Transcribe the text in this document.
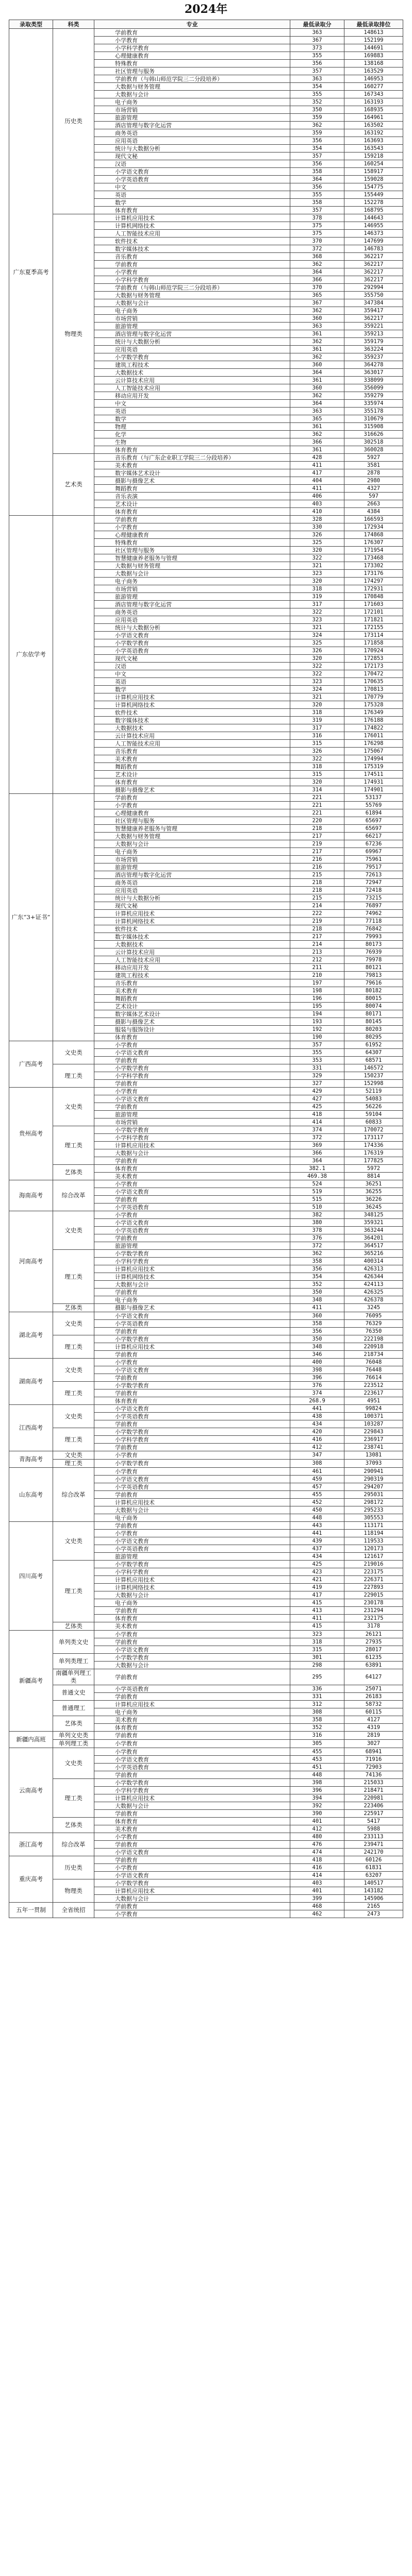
2024年
录取类型	科类	专业	最低录取分	最低录取排位
广东夏季高考	历史类	学前教育	363	148613
		小学教育	367	152199
		小学科学教育	373	144691
		心理健康教育	355	169883
		特殊教育	356	138168
		社区管理与服务	357	163529
		学前教育（与韩山师范学院三二分段培养）	363	146953
		大数据与财务管理	354	160277
		大数据与会计	355	167343
		电子商务	352	163193
		市场营销	350	168935
		旅游管理	359	164961
		酒店管理与数字化运营	362	163502
		商务英语	359	163192
		应用英语	356	163693
		统计与大数据分析	354	163543
		现代文秘	357	159218
		汉语	356	160254
		小学语文教育	358	158917
		小学英语教育	364	159028
		中文	356	154775
		英语	355	155449
		数学	358	152278
		体育教育	357	168795
	物理类	计算机应用技术	378	144643
		计算机网络技术	375	146955
		人工智能技术应用	375	146373
		软件技术	370	147699
		数字媒体技术	372	146783
		音乐教育	368	362217
		学前教育	362	362217
		小学教育	364	362217
		小学科学教育	366	362217
		学前教育（与韩山师范学院三二分段培养）	370	292994
		大数据与财务管理	365	355750
		大数据与会计	367	347384
		电子商务	362	359417
		市场营销	360	362217
		旅游管理	363	359221
		酒店管理与数字化运营	361	359213
		统计与大数据分析	362	359179
		应用英语	361	363224
		小学数学教育	362	359237
		建筑工程技术	360	364278
		大数据技术	364	363017
		云计算技术应用	361	338099
		人工智能技术应用	360	356099
		移动应用开发	362	359279
		中文	364	335974
		英语	363	355178
		数学	365	310679
		物理	361	315908
		化学	362	316626
		生物	366	302518
		体育教育	361	360028
	艺术类	音乐教育（与广东企业职工学院三二分段培养）	428	5927
		美术教育	411	3581
		数字媒体艺术设计	417	2878
		摄影与摄像艺术	404	2980
		舞蹈教育	411	4327
		音乐表演	406	597
		艺术设计	403	2663
		体育教育	410	4384
广东依学考		学前教育	328	166593
		小学教育	330	172934
		心理健康教育	326	174868
		特殊教育	325	176307
		社区管理与服务	320	171954
		智慧健康养老服务与管理	322	173468
		大数据与财务管理	321	173302
		大数据与会计	323	173176
		电子商务	320	174297
		市场营销	318	172931
		旅游管理	319	170848
		酒店管理与数字化运营	317	171603
		商务英语	322	172101
		应用英语	323	171821
		统计与大数据分析	321	172155
		小学语文教育	324	173114
		小学数学教育	325	171858
		小学英语教育	326	170924
		现代文秘	320	172853
		汉语	322	172173
		中文	322	170472
		英语	323	170635
		数学	324	170813
		计算机应用技术	321	170779
		计算机网络技术	320	175328
		软件技术	318	176349
		数字媒体技术	319	176188
		大数据技术	317	174822
		云计算技术应用	316	176011
		人工智能技术应用	315	176298
		音乐教育	326	175067
		美术教育	322	174994
		舞蹈教育	318	175319
		艺术设计	315	174511
		体育教育	320	174931
		摄影与摄像艺术	314	174901
广东“3+证书”		学前教育	221	53137
		小学教育	221	55769
		心理健康教育	221	61894
		社区管理与服务	220	65697
		智慧健康养老服务与管理	218	65697
		大数据与财务管理	217	66217
		大数据与会计	219	67236
		电子商务	217	69967
		市场营销	216	75961
		旅游管理	216	79517
		酒店管理与数字化运营	215	72613
		商务英语	218	72947
		应用英语	218	72418
		统计与大数据分析	215	73215
		现代文秘	214	76897
		计算机应用技术	222	74962
		计算机网络技术	219	77118
		软件技术	218	76842
		数字媒体技术	217	79993
		大数据技术	214	80173
		云计算技术应用	213	76939
		人工智能技术应用	212	79978
		移动应用开发	211	80121
		建筑工程技术	210	79813
		音乐教育	197	79616
		美术教育	198	80182
		舞蹈教育	196	80015
		艺术设计	195	80074
		数字媒体艺术设计	194	80171
		摄影与摄像艺术	193	80145
		服装与服饰设计	192	80203
		体育教育	190	80295
广西高考	文史类	小学教育	357	61952
		小学语文教育	355	64307
		学前教育	353	68571
	理工类	小学数学教育	331	146572
		小学科学教育	329	150237
		学前教育	327	152998
贵州高考	文史类	小学教育	429	52119
		小学语文教育	427	54083
		学前教育	425	56226
		旅游管理	418	59104
		市场营销	414	60833
	理工类	小学数学教育	374	170072
		小学科学教育	372	173117
		计算机应用技术	369	174336
		大数据与会计	366	176319
		学前教育	364	177825
	艺体类	体育教育	382.1	5972
		美术教育	469.38	8814
海南高考	综合改革	小学教育	524	36251
		小学语文教育	519	36255
		学前教育	515	36226
		小学英语教育	510	36245
河南高考	文史类	小学教育	382	348125
		小学语文教育	380	359321
		小学英语教育	378	363244
		学前教育	376	364201
		旅游管理	372	364517
	理工类	小学数学教育	362	365216
		小学科学教育	358	400314
		计算机应用技术	356	426313
		计算机网络技术	354	426344
		大数据与会计	352	424113
		学前教育	350	426325
		电子商务	348	426378
	艺体类	摄影与摄像艺术	411	3245
湖北高考	文史类	小学语文教育	360	76095
		小学英语教育	358	76329
		学前教育	356	76350
	理工类	小学数学教育	350	222198
		计算机应用技术	348	220918
		学前教育	346	218734
湖南高考	文史类	小学教育	400	76048
		小学语文教育	398	76448
		学前教育	396	76614
	理工类	小学数学教育	376	223512
		学前教育	374	223617
		体育教育	268.9	4951
江西高考	文史类	小学语文教育	441	99824
		小学英语教育	438	100371
		学前教育	434	103287
	理工类	小学数学教育	420	229843
		小学科学教育	416	236917
		学前教育	412	238741
青海高考	文史类	小学教育	347	13081
	理工类	小学数学教育	308	37093
山东高考	综合改革	小学教育	461	290941
		小学语文教育	459	290319
		小学英语教育	457	294207
		学前教育	455	295031
		计算机应用技术	452	298172
		大数据与会计	450	295233
		电子商务	448	305553
四川高考	文史类	学前教育	443	113171
		小学教育	441	118194
		小学语文教育	439	119533
		小学英语教育	437	120173
		旅游管理	434	121617
	理工类	小学数学教育	425	219016
		小学科学教育	423	223175
		计算机应用技术	421	226371
		计算机网络技术	419	227893
		大数据与会计	417	229015
		电子商务	415	230178
		学前教育	413	231294
		体育教育	411	232175
	艺体类	美术教育	415	3178
新疆高考	单列类文史	小学教育	323	26121
		学前教育	318	27935
		小学语文教育	315	28017
	单列类理工	小学数学教育	301	61235
		大数据与会计	298	63891
	南疆单列理工类	学前教育	295	64127
	普通文史	小学英语教育	336	25071
		学前教育	331	26183
	普通理工	计算机应用技术	312	58732
		电子商务	308	60115
	艺体类	美术教育	358	4127
		体育教育	352	4319
新疆内高班	单列文史类	学前教育	316	2819
	单列理工类	小学教育	305	3027
云南高考	文史类	小学教育	455	68941
		小学语文教育	453	71916
		小学英语教育	451	72903
		学前教育	448	74136
	理工类	小学数学教育	398	215033
		小学科学教育	396	218471
		计算机应用技术	394	220981
		大数据与会计	392	223406
		学前教育	390	225917
	艺体类	体育教育	401	5417
		美术教育	412	5988
浙江高考	综合改革	小学教育	480	233113
		学前教育	476	239471
		小学语文教育	474	242170
重庆高考	历史类	学前教育	418	60126
		小学教育	416	61831
		小学语文教育	414	63207
	物理类	小学数学教育	403	140517
		计算机应用技术	401	143182
		大数据与会计	399	145906
五年一贯制	全省统招	学前教育	468	2165
		小学教育	462	2473
